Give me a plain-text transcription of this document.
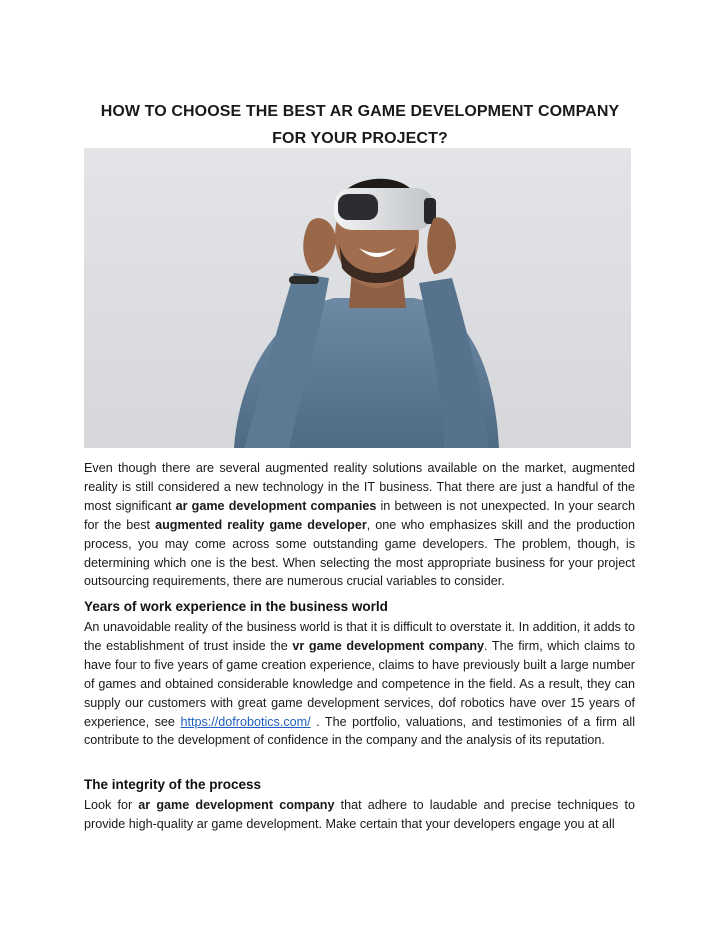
HOW TO CHOOSE THE BEST AR GAME DEVELOPMENT COMPANY FOR YOUR PROJECT?

Even though there are several augmented reality solutions available on the market, augmented reality is still considered a new technology in the IT business. That there are just a handful of the most significant ar game development companies in between is not unexpected. In your search for the best augmented reality game developer, one who emphasizes skill and the production process, you may come across some outstanding game developers. The problem, though, is determining which one is the best. When selecting the most appropriate business for your project outsourcing requirements, there are numerous crucial variables to consider.

Years of work experience in the business world

An unavoidable reality of the business world is that it is difficult to overstate it. In addition, it adds to the establishment of trust inside the vr game development company. The firm, which claims to have four to five years of game creation experience, claims to have previously built a large number of games and obtained considerable knowledge and competence in the field. As a result, they can supply our customers with great game development services, dof robotics have over 15 years of experience, see https://dofrobotics.com/ . The portfolio, valuations, and testimonies of a firm all contribute to the development of confidence in the company and the analysis of its reputation.

The integrity of the process

Look for ar game development company that adhere to laudable and precise techniques to provide high-quality ar game development. Make certain that your developers engage you at all
